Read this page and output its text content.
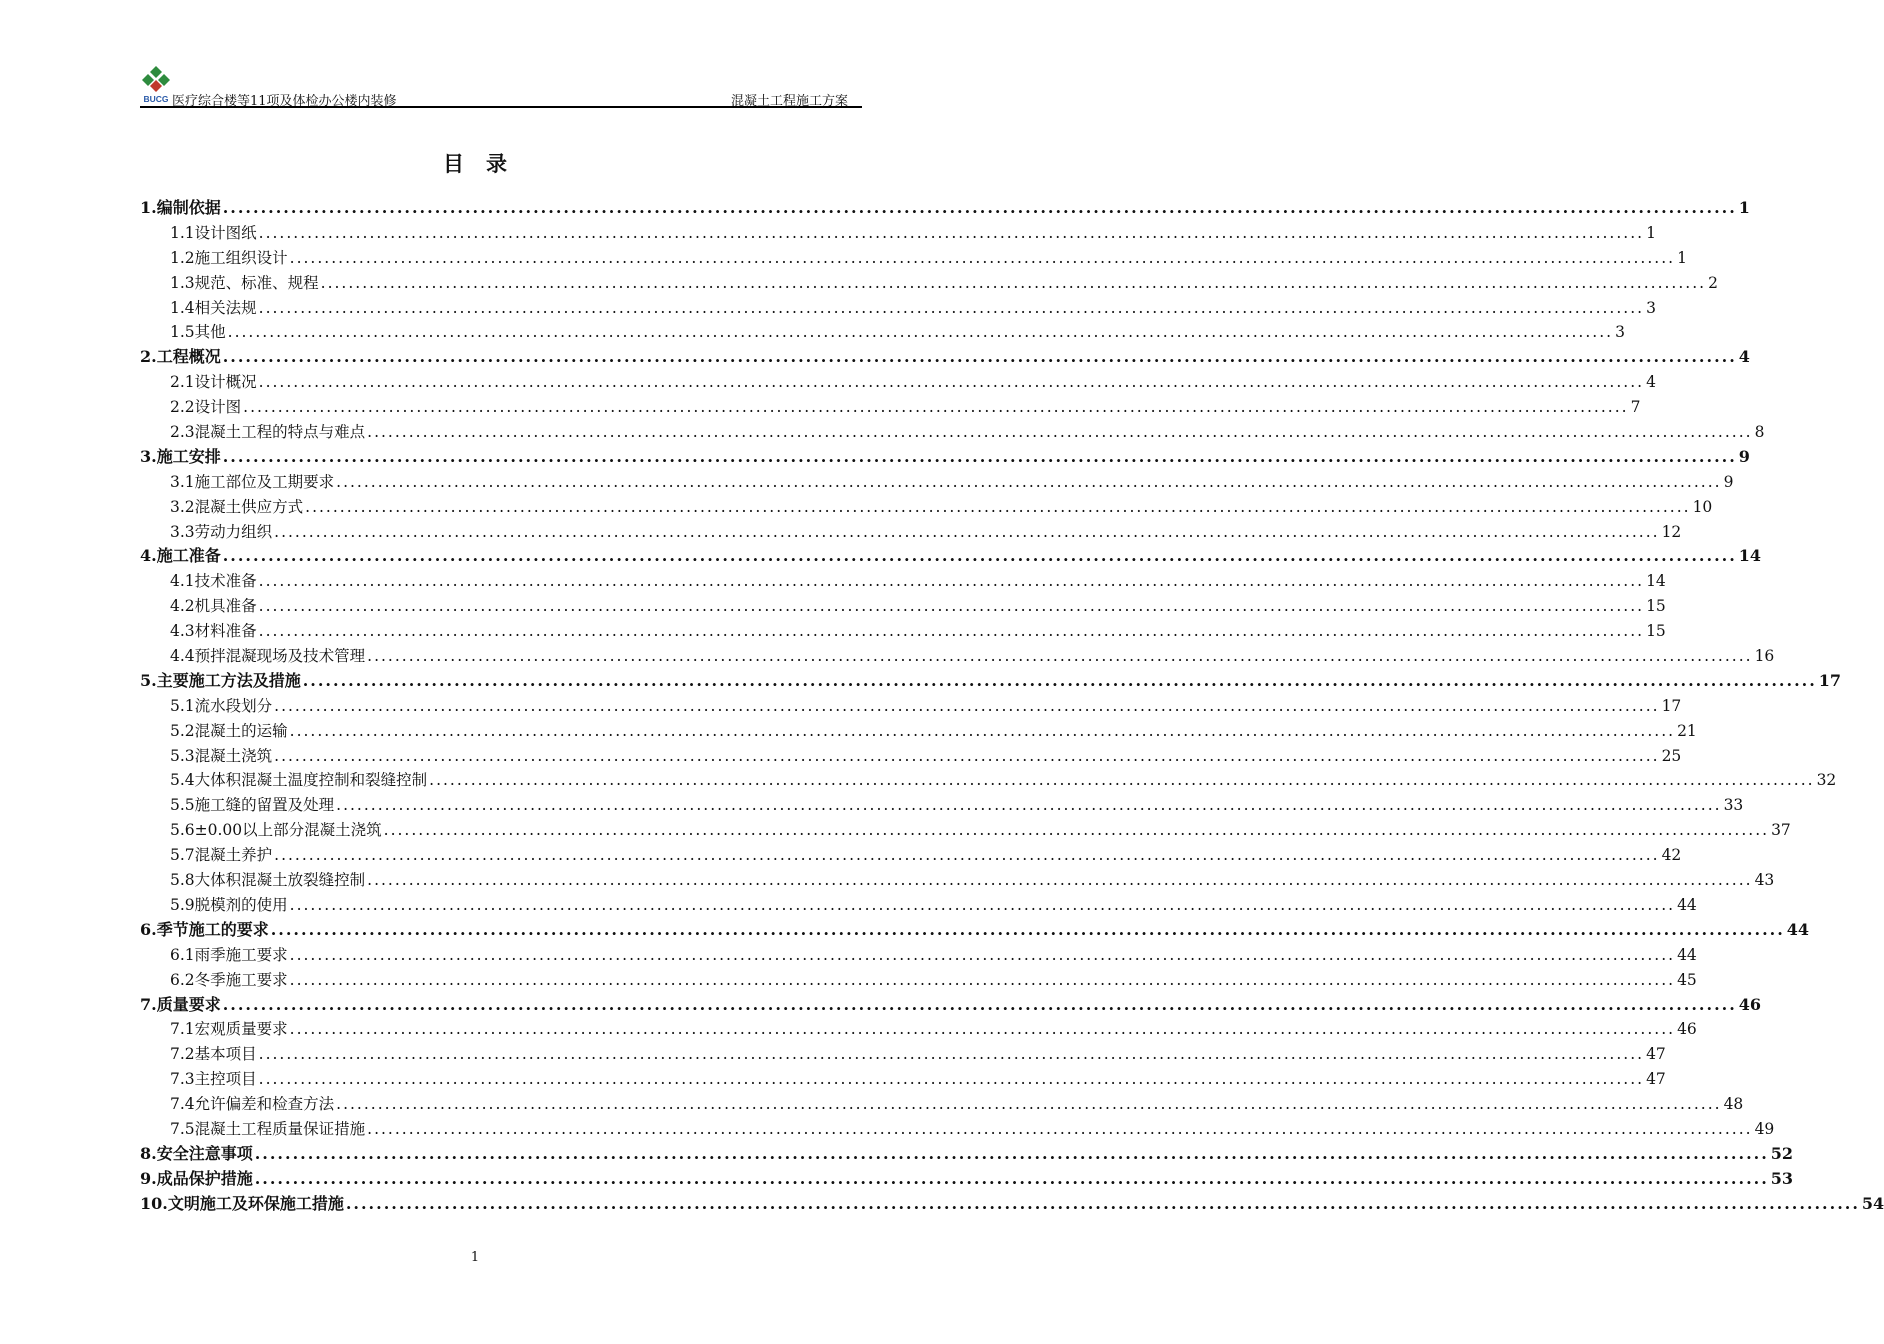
BUCG 医疗综合楼等11项及体检办公楼内装修	混凝土工程施工方案
目录
1.编制依据 ........................................................................................................................................................................................................ 1
1.1设计图纸 ........................................................................................................................................................................................................ 1
1.2施工组织设计 ........................................................................................................................................................................................................ 1
1.3规范、标准、规程 ........................................................................................................................................................................................................ 2
1.4相关法规 ........................................................................................................................................................................................................ 3
1.5其他 ........................................................................................................................................................................................................ 3
2.工程概况 ........................................................................................................................................................................................................ 4
2.1设计概况 ........................................................................................................................................................................................................ 4
2.2设计图 ........................................................................................................................................................................................................ 7
2.3混凝土工程的特点与难点 ........................................................................................................................................................................................................ 8
3.施工安排 ........................................................................................................................................................................................................ 9
3.1施工部位及工期要求 ........................................................................................................................................................................................................ 9
3.2混凝土供应方式 ........................................................................................................................................................................................................ 10
3.3劳动力组织 ........................................................................................................................................................................................................ 12
4.施工准备 ........................................................................................................................................................................................................ 14
4.1技术准备 ........................................................................................................................................................................................................ 14
4.2机具准备 ........................................................................................................................................................................................................ 15
4.3材料准备 ........................................................................................................................................................................................................ 15
4.4预拌混凝现场及技术管理 ........................................................................................................................................................................................................ 16
5.主要施工方法及措施 ........................................................................................................................................................................................................ 17
5.1流水段划分 ........................................................................................................................................................................................................ 17
5.2混凝土的运输 ........................................................................................................................................................................................................ 21
5.3混凝土浇筑 ........................................................................................................................................................................................................ 25
5.4大体积混凝土温度控制和裂缝控制 ........................................................................................................................................................................................................ 32
5.5施工缝的留置及处理 ........................................................................................................................................................................................................ 33
5.6±0.00以上部分混凝土浇筑 ........................................................................................................................................................................................................ 37
5.7混凝土养护 ........................................................................................................................................................................................................ 42
5.8大体积混凝土放裂缝控制 ........................................................................................................................................................................................................ 43
5.9脱模剂的使用 ........................................................................................................................................................................................................ 44
6.季节施工的要求 ........................................................................................................................................................................................................ 44
6.1雨季施工要求 ........................................................................................................................................................................................................ 44
6.2冬季施工要求 ........................................................................................................................................................................................................ 45
7.质量要求 ........................................................................................................................................................................................................ 46
7.1宏观质量要求 ........................................................................................................................................................................................................ 46
7.2基本项目 ........................................................................................................................................................................................................ 47
7.3主控项目 ........................................................................................................................................................................................................ 47
7.4允许偏差和检查方法 ........................................................................................................................................................................................................ 48
7.5混凝土工程质量保证措施 ........................................................................................................................................................................................................ 49
8.安全注意事项 ........................................................................................................................................................................................................ 52
9.成品保护措施 ........................................................................................................................................................................................................ 53
10.文明施工及环保施工措施 ........................................................................................................................................................................................................ 54
1
